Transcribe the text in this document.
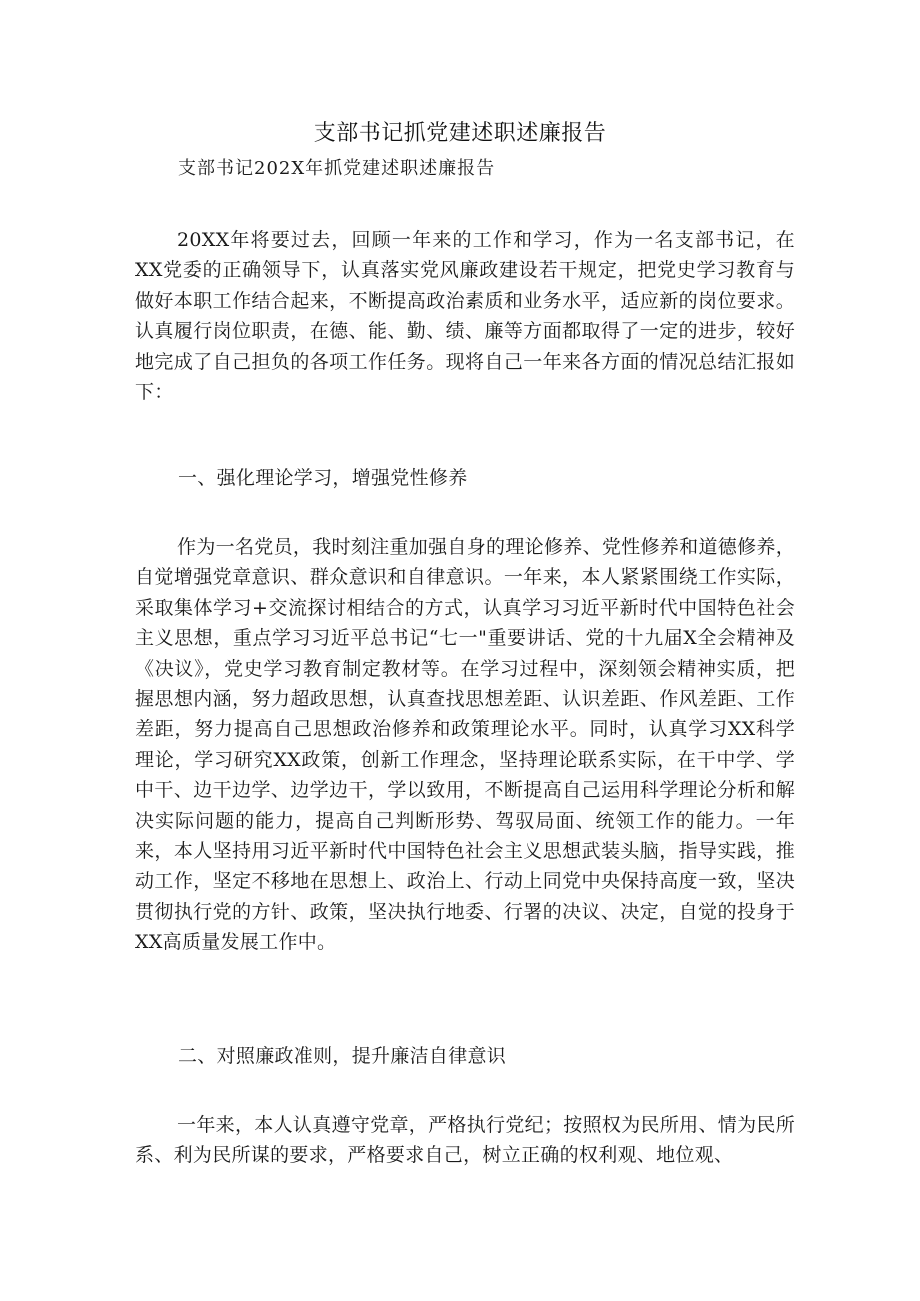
支部书记抓党建述职述廉报告

支部书记202X年抓党建述职述廉报告

20XX年将要过去，回顾一年来的工作和学习，作为一名支部书记，在XX党委的正确领导下，认真落实党风廉政建设若干规定，把党史学习教育与做好本职工作结合起来，不断提高政治素质和业务水平，适应新的岗位要求。认真履行岗位职责，在德、能、勤、绩、廉等方面都取得了一定的进步，较好地完成了自己担负的各项工作任务。现将自己一年来各方面的情况总结汇报如下：

一、强化理论学习，增强党性修养

作为一名党员，我时刻注重加强自身的理论修养、党性修养和道德修养，自觉增强党章意识、群众意识和自律意识。一年来，本人紧紧围绕工作实际，采取集体学习+交流探讨相结合的方式，认真学习习近平新时代中国特色社会主义思想，重点学习习近平总书记“七一"重要讲话、党的十九届X全会精神及《决议》，党史学习教育制定教材等。在学习过程中，深刻领会精神实质，把握思想内涵，努力超政思想，认真查找思想差距、认识差距、作风差距、工作差距，努力提高自己思想政治修养和政策理论水平。同时，认真学习XX科学理论，学习研究XX政策，创新工作理念，坚持理论联系实际，在干中学、学中干、边干边学、边学边干，学以致用，不断提高自己运用科学理论分析和解决实际问题的能力，提高自己判断形势、驾驭局面、统领工作的能力。一年来，本人坚持用习近平新时代中国特色社会主义思想武装头脑，指导实践，推动工作，坚定不移地在思想上、政治上、行动上同党中央保持高度一致，坚决贯彻执行党的方针、政策，坚决执行地委、行署的决议、决定，自觉的投身于XX高质量发展工作中。

二、对照廉政准则，提升廉洁自律意识

一年来，本人认真遵守党章，严格执行党纪；按照权为民所用、情为民所系、利为民所谋的要求，严格要求自己，树立正确的权利观、地位观、
